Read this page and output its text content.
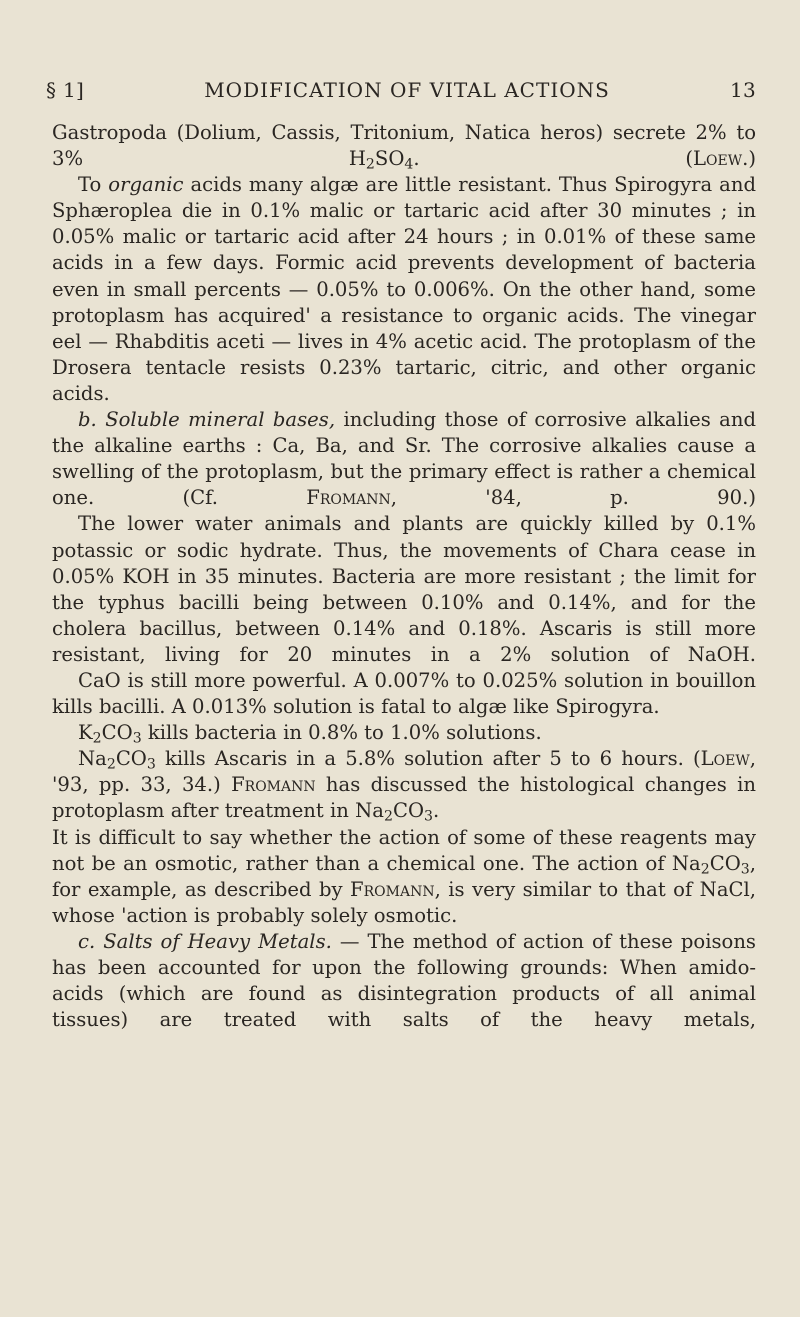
§ 1]	MODIFICATION OF VITAL ACTIONS	13

Gastropoda (Dolium, Cassis, Tritonium, Natica heros) secrete 2% to 3% $H_2SO_4$. (Loew.)

To organic acids many algæ are little resistant. Thus Spirogyra and Sphæroplea die in 0.1% malic or tartaric acid after 30 minutes ; in 0.05% malic or tartaric acid after 24 hours ; in 0.01% of these same acids in a few days. Formic acid prevents development of bacteria even in small percents — 0.05% to 0.006%. On the other hand, some protoplasm has acquired' a resistance to organic acids. The vinegar eel — Rhabditis aceti — lives in 4% acetic acid. The protoplasm of the Drosera tentacle resists 0.23% tartaric, citric, and other organic acids.

b. Soluble mineral bases, including those of corrosive alkalies and the alkaline earths : Ca, Ba, and Sr. The corrosive alkalies cause a swelling of the protoplasm, but the primary effect is rather a chemical one. (Cf. Fromann, '84, p. 90.)

The lower water animals and plants are quickly killed by 0.1% potassic or sodic hydrate. Thus, the movements of Chara cease in 0.05% KOH in 35 minutes. Bacteria are more resistant ; the limit for the typhus bacilli being between 0.10% and 0.14%, and for the cholera bacillus, between 0.14% and 0.18%. Ascaris is still more resistant, living for 20 minutes in a 2% solution of NaOH.

CaO is still more powerful. A 0.007% to 0.025% solution in bouillon kills bacilli. A 0.013% solution is fatal to algæ like Spirogyra.

$K_2CO_3$ kills bacteria in 0.8% to 1.0% solutions.

$Na_2CO_3$ kills Ascaris in a 5.8% solution after 5 to 6 hours. (Loew, '93, pp. 33, 34.) Fromann has discussed the histological changes in protoplasm after treatment in $Na_2CO_3$.

It is difficult to say whether the action of some of these reagents may not be an osmotic, rather than a chemical one. The action of $Na_2CO_3$, for example, as described by Fromann, is very similar to that of NaCl, whose 'action is probably solely osmotic.

c. Salts of Heavy Metals. — The method of action of these poisons has been accounted for upon the following grounds: When amido-acids (which are found as disintegration products of all animal tissues) are treated with salts of the heavy metals,
